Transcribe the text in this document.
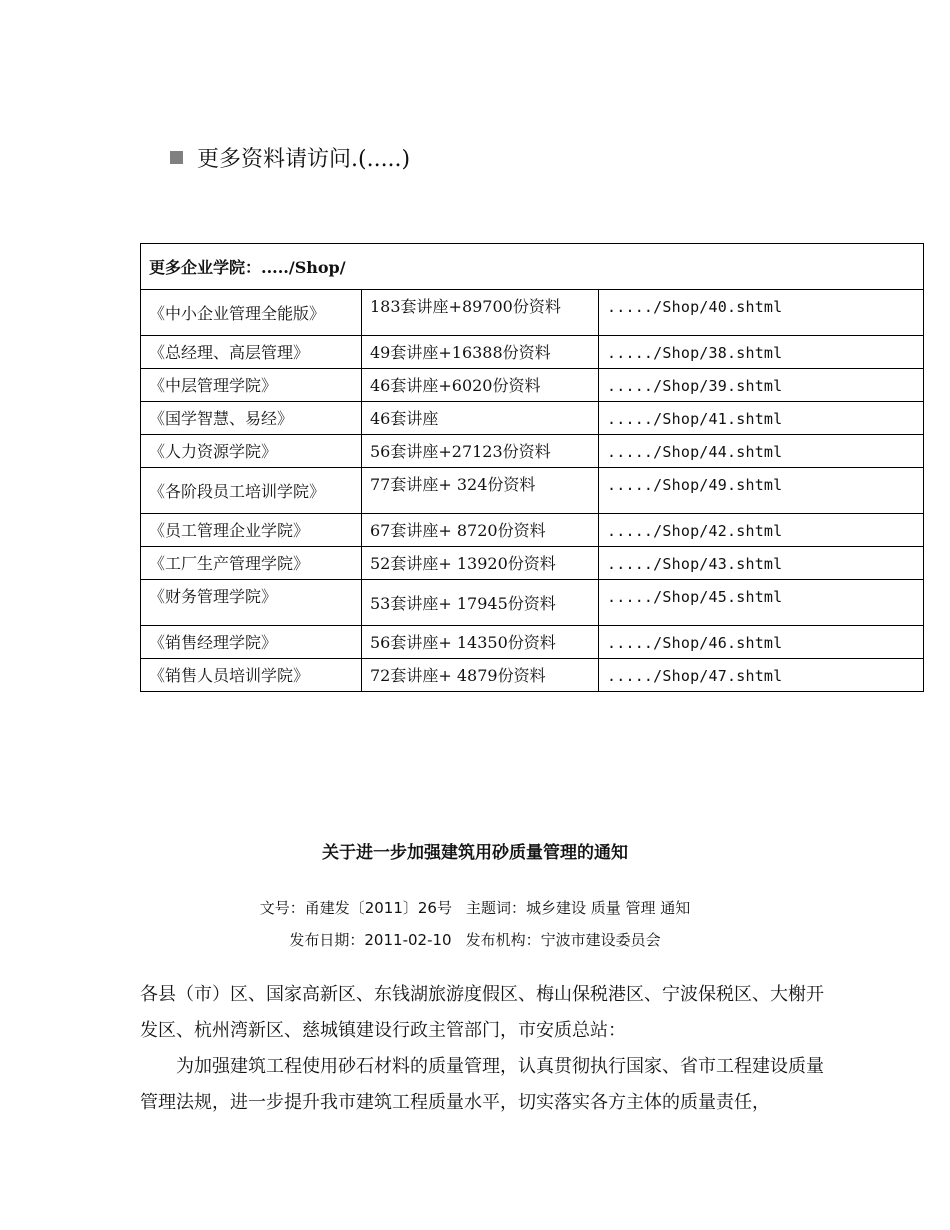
更多资料请访问.(.....)
更多企业学院：...../Shop/		
《中小企业管理全能版》	183套讲座+89700份资料	...../Shop/40.shtml
《总经理、高层管理》	49套讲座+16388份资料	...../Shop/38.shtml
《中层管理学院》	46套讲座+6020份资料	...../Shop/39.shtml
《国学智慧、易经》	46套讲座	...../Shop/41.shtml
《人力资源学院》	56套讲座+27123份资料	...../Shop/44.shtml
《各阶段员工培训学院》	77套讲座+ 324份资料	...../Shop/49.shtml
《员工管理企业学院》	67套讲座+ 8720份资料	...../Shop/42.shtml
《工厂生产管理学院》	52套讲座+ 13920份资料	...../Shop/43.shtml
《财务管理学院》	53套讲座+ 17945份资料	...../Shop/45.shtml
《销售经理学院》	56套讲座+ 14350份资料	...../Shop/46.shtml
《销售人员培训学院》	72套讲座+ 4879份资料	...../Shop/47.shtml
关于进一步加强建筑用砂质量管理的通知
文号：甬建发〔2011〕26号 主题词：城乡建设 质量 管理 通知
发布日期：2011-02-10 发布机构：宁波市建设委员会

各县（市）区、国家高新区、东钱湖旅游度假区、梅山保税港区、宁波保税区、大榭开发区、杭州湾新区、慈城镇建设行政主管部门，市安质总站：

为加强建筑工程使用砂石材料的质量管理，认真贯彻执行国家、省市工程建设质量管理法规，进一步提升我市建筑工程质量水平，切实落实各方主体的质量责任，
